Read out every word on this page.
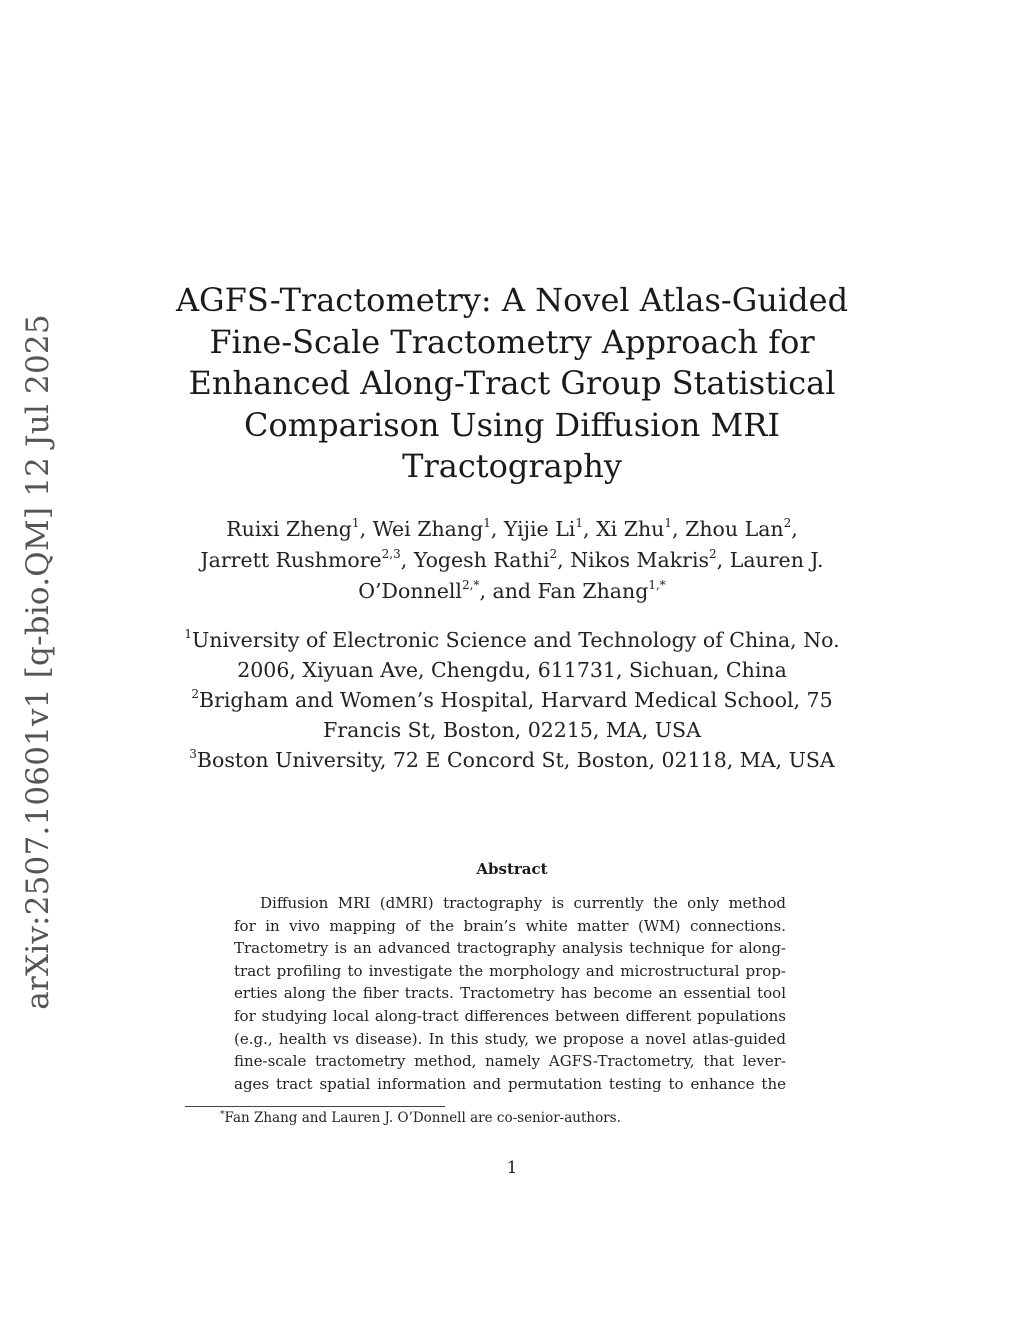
arXiv:2507.10601v1 [q-bio.QM] 12 Jul 2025
AGFS-Tractometry: A Novel Atlas-Guided
Fine-Scale Tractometry Approach for
Enhanced Along-Tract Group Statistical
Comparison Using Diffusion MRI
Tractography
Ruixi Zheng$^1$, Wei Zhang$^1$, Yijie Li$^1$, Xi Zhu$^1$, Zhou Lan$^2$,
Jarrett Rushmore$^{2,3}$, Yogesh Rathi$^2$, Nikos Makris$^2$, Lauren J.
O’Donnell$^{2,*}$, and Fan Zhang$^{1,*}$
$^1$University of Electronic Science and Technology of China, No.
2006, Xiyuan Ave, Chengdu, 611731, Sichuan, China
$^2$Brigham and Women’s Hospital, Harvard Medical School, 75
Francis St, Boston, 02215, MA, USA
$^3$Boston University, 72 E Concord St, Boston, 02118, MA, USA
Abstract
Diffusion MRI (dMRI) tractography is currently the only method
for in vivo mapping of the brain’s white matter (WM) connections.
Tractometry is an advanced tractography analysis technique for along-
tract profiling to investigate the morphology and microstructural prop-
erties along the fiber tracts. Tractometry has become an essential tool
for studying local along-tract differences between different populations
(e.g., health vs disease). In this study, we propose a novel atlas-guided
fine-scale tractometry method, namely AGFS-Tractometry, that lever-
ages tract spatial information and permutation testing to enhance the
*Fan Zhang and Lauren J. O’Donnell are co-senior-authors.
1
